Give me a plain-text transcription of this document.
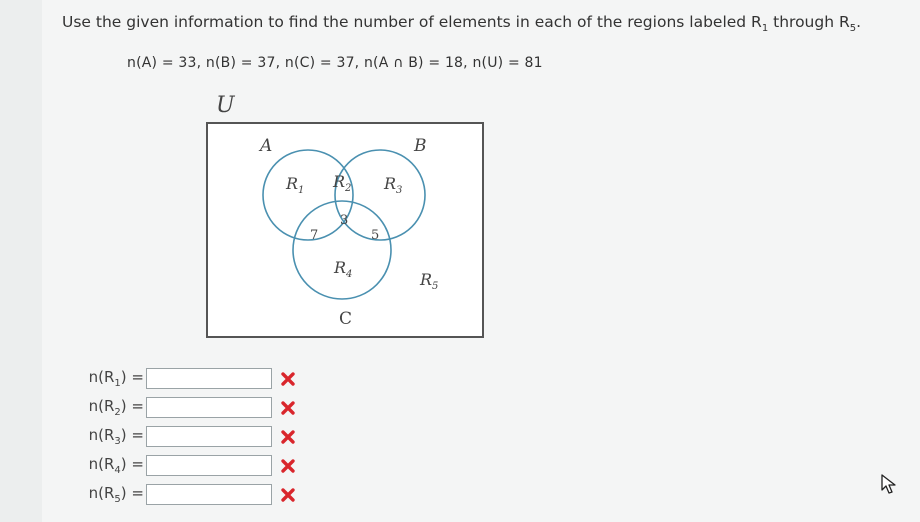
Use the given information to find the number of elements in each of the regions labeled $R_1$ through $R_5$.
n(A) = 33, n(B) = 37, n(C) = 37, n(A ∩ B) = 18, n(U) = 81
U
A	B
C
$R_1$ $R_2$ $R_3$
$R_4$	$R_5$
3
7	5
$n(R_1)$ =
$n(R_2)$ =
$n(R_3)$ =
$n(R_4)$ =
$n(R_5)$ =
